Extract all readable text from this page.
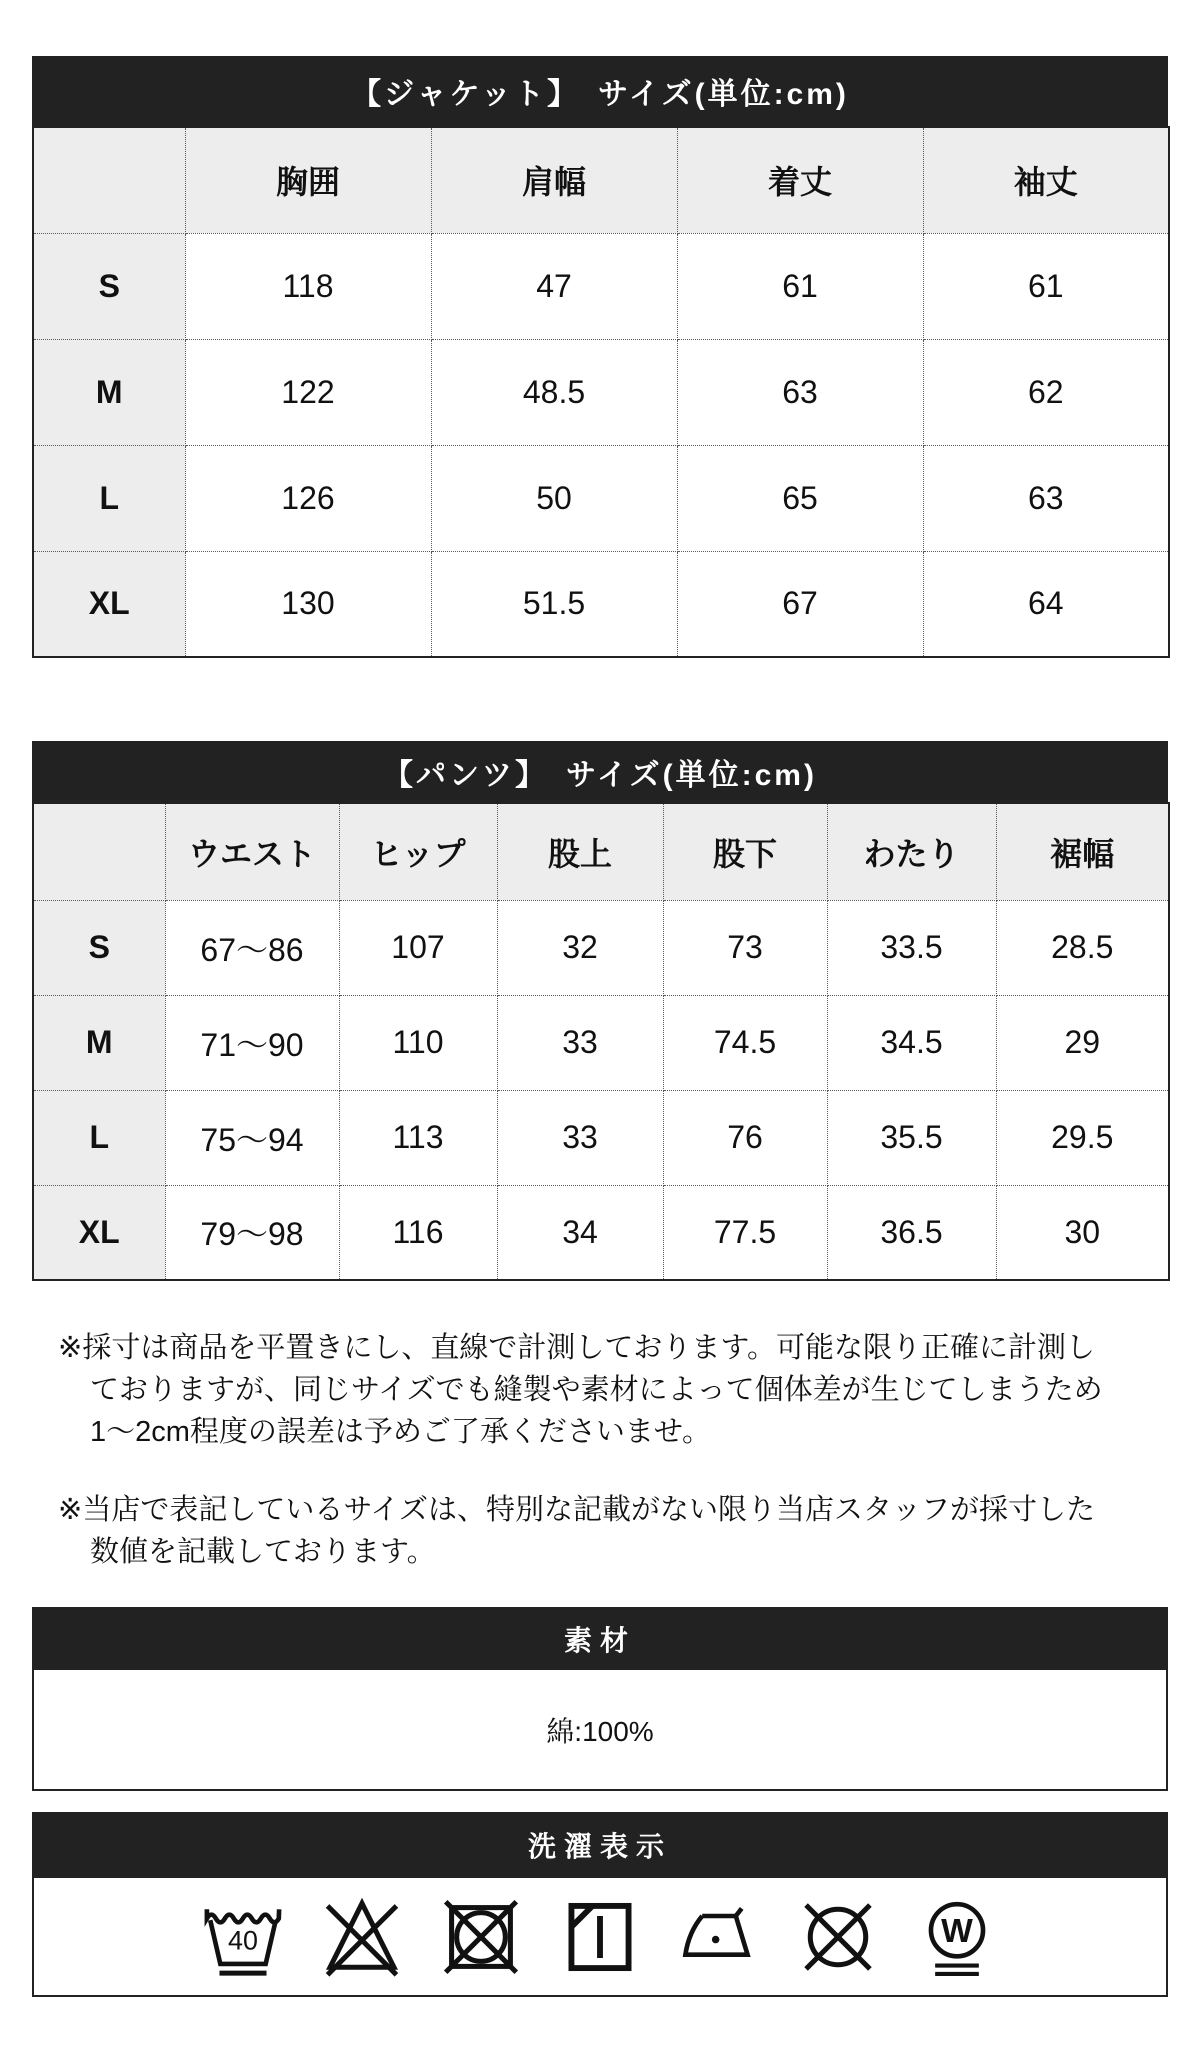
【ジャケット】　サイズ(単位:cm)
	胸囲	肩幅	着丈	袖丈
S	118	47	61	61
M	122	48.5	63	62
L	126	50	65	63
XL	130	51.5	67	64
【パンツ】　サイズ(単位:cm)
	ウエスト	ヒップ	股上	股下	わたり	裾幅
S	67〜86	107	32	73	33.5	28.5
M	71〜90	110	33	74.5	34.5	29
L	75〜94	113	33	76	35.5	29.5
XL	79〜98	116	34	77.5	36.5	30
※採寸は商品を平置きにし、直線で計測しております。可能な限り正確に計測し
ておりますが、同じサイズでも縫製や素材によって個体差が生じてしまうため
1〜2cm程度の誤差は予めご了承くださいませ。
※当店で表記しているサイズは、特別な記載がない限り当店スタッフが採寸した
数値を記載しております。
素材
綿:100%
洗濯表示
40	W
